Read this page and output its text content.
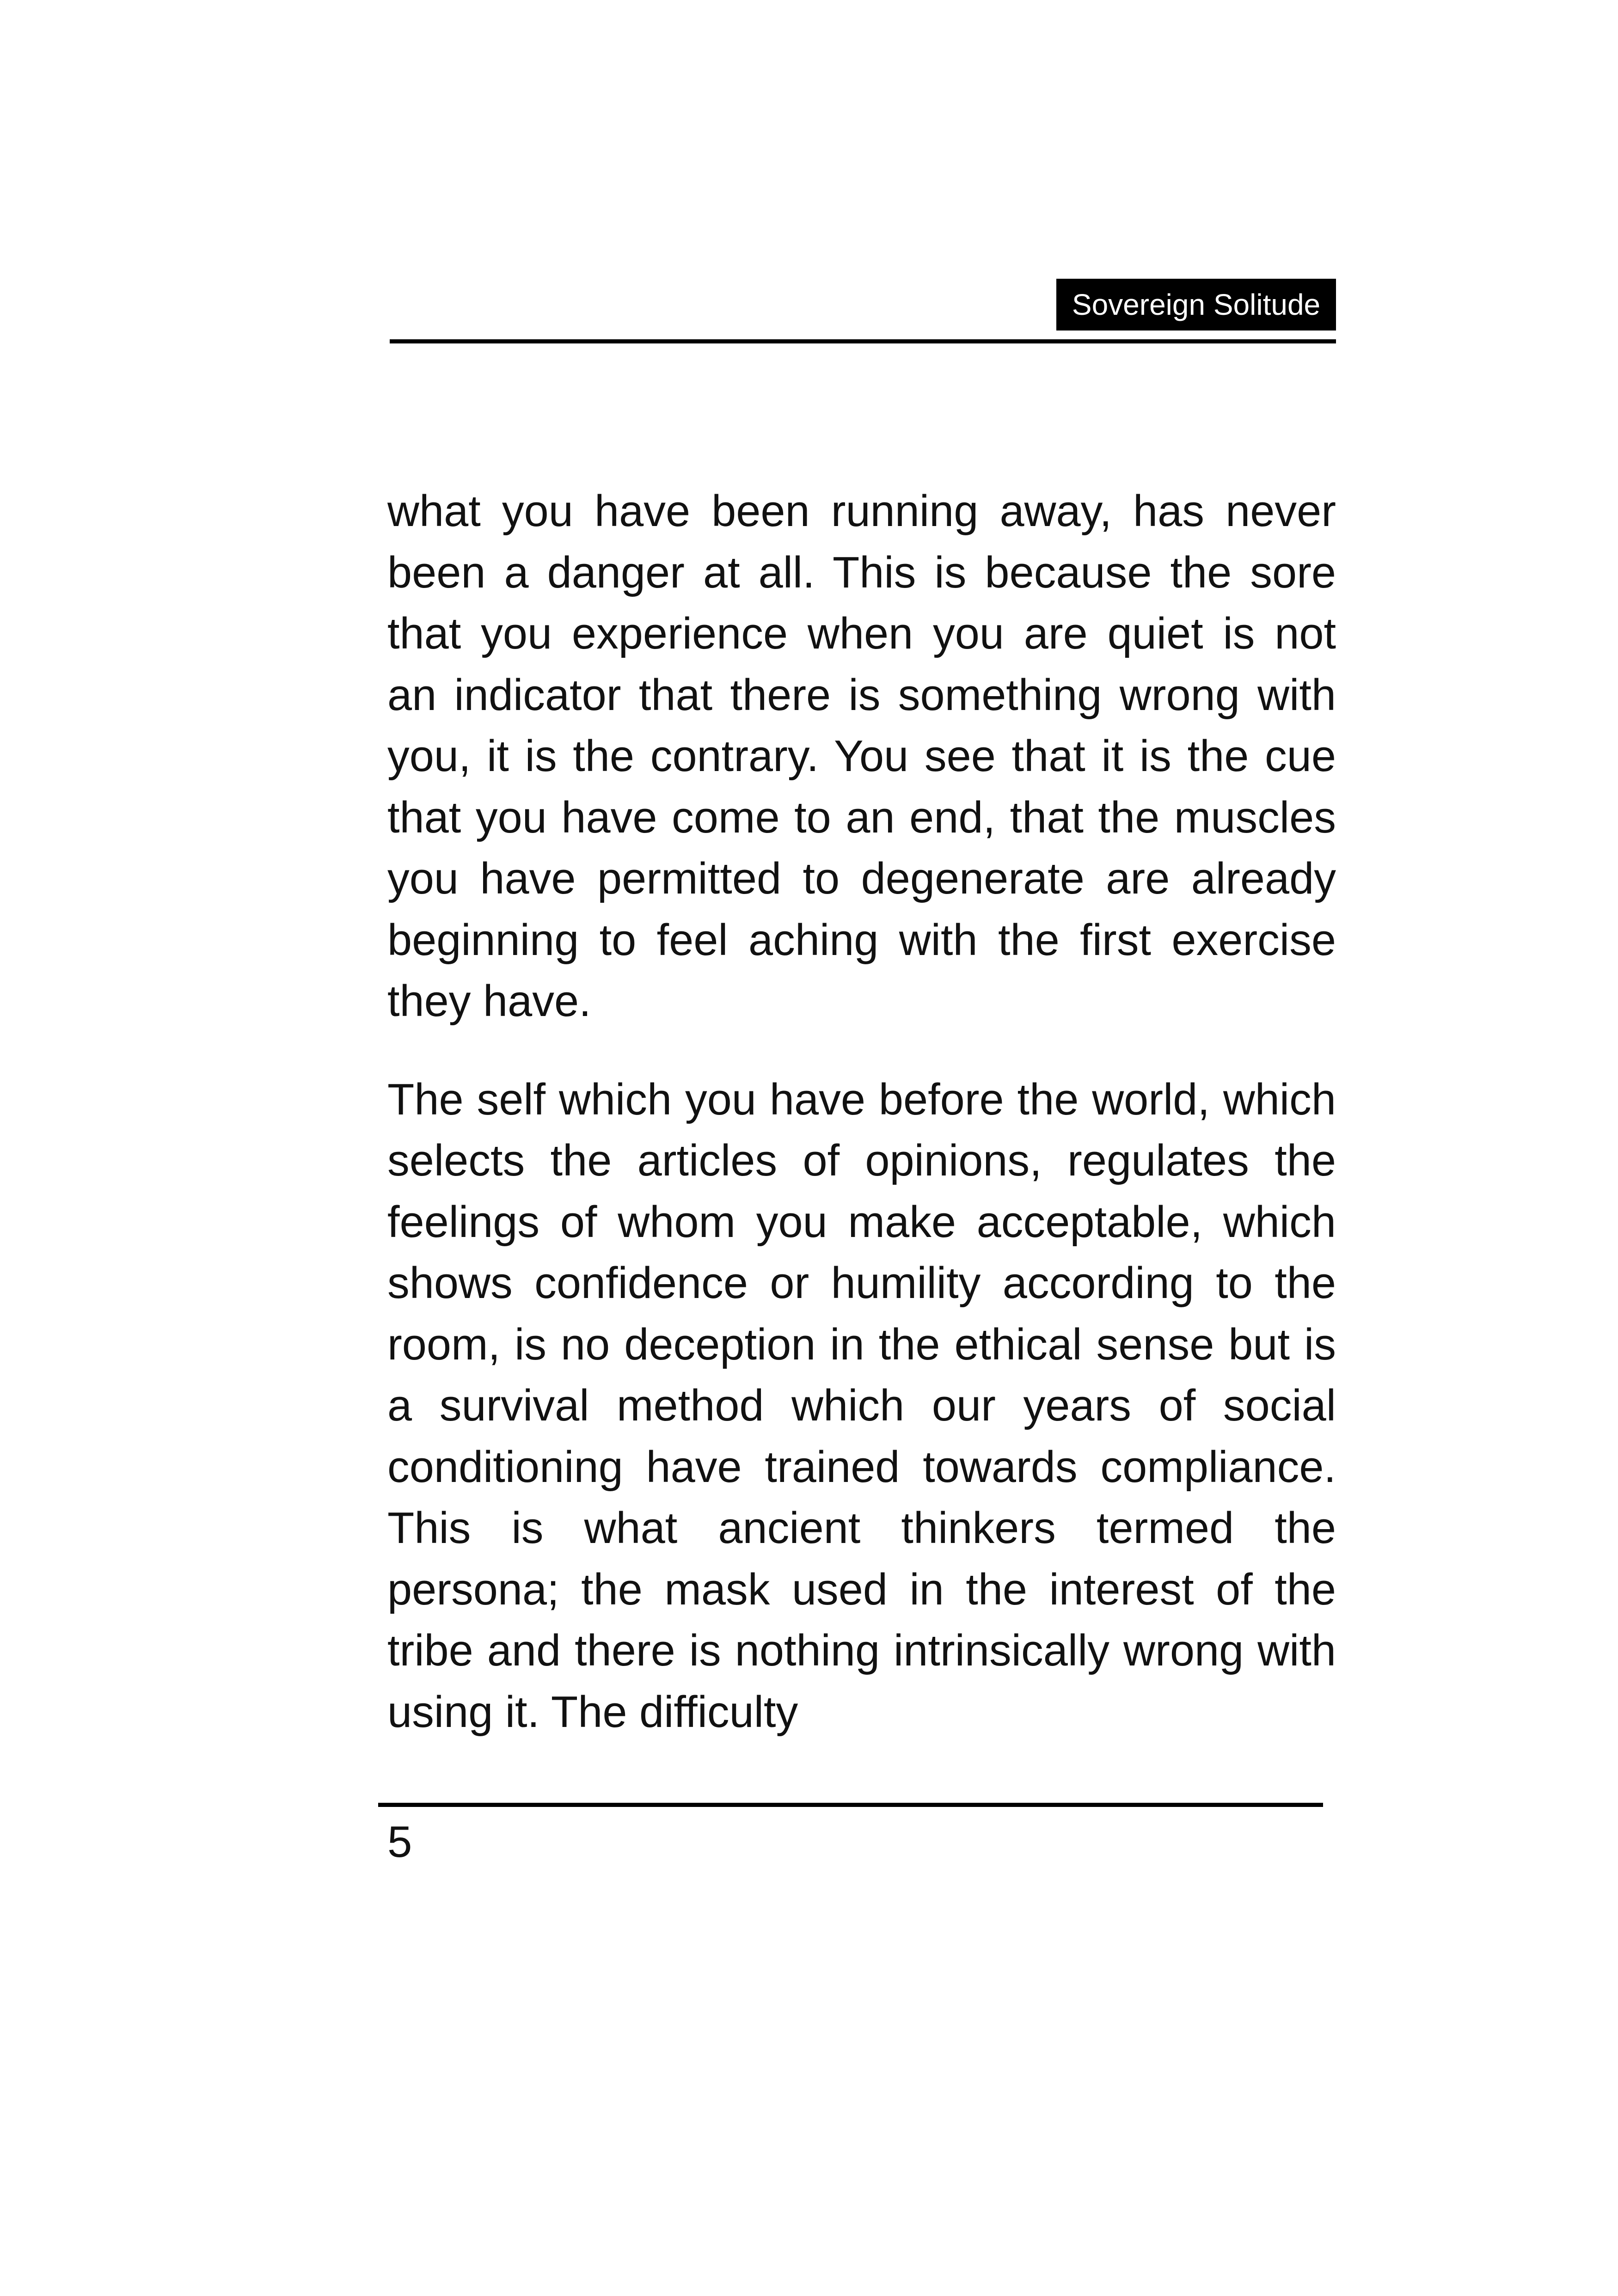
Sovereign Solitude

what you have been running away, has never been a danger at all. This is because the sore that you experience when you are quiet is not an indicator that there is something wrong with you, it is the contrary. You see that it is the cue that you have come to an end, that the muscles you have permitted to degenerate are already beginning to feel aching with the first exercise they have.

The self which you have before the world, which selects the articles of opinions, regulates the feelings of whom you make acceptable, which shows confidence or humility according to the room, is no deception in the ethical sense but is a survival method which our years of social conditioning have trained towards compliance. This is what ancient thinkers termed the persona; the mask used in the interest of the tribe and there is nothing intrinsically wrong with using it. The difficulty

5
